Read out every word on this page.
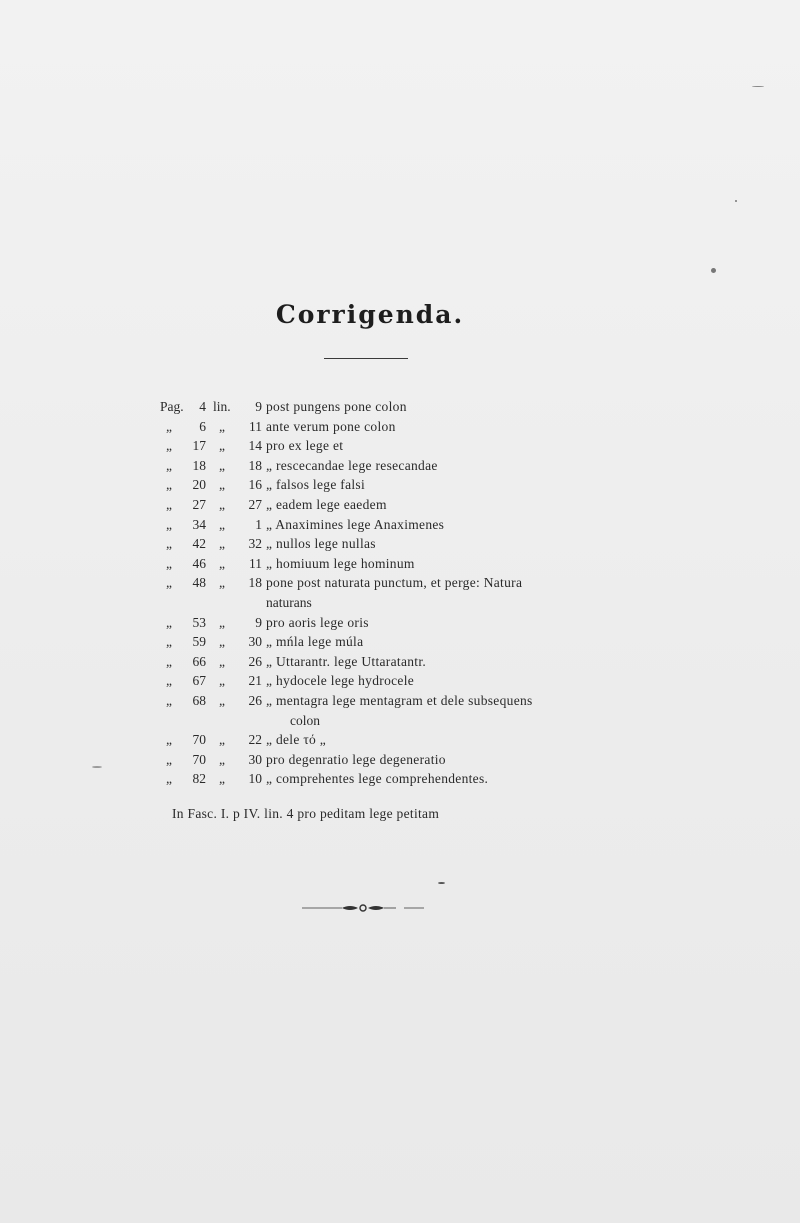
Corrigenda.
Pag.	4 lin.	9 post pungens pone colon
„	6 „	11 ante verum pone colon
„	17 „	14 pro ex lege et
„	18 „	18 „ rescecandae lege resecandae
„	20 „	16 „ falsos lege falsi
„	27 „	27 „ eadem lege eaedem
„	34 „	1 „ Anaximines lege Anaximenes
„	42 „	32 „ nullos lege nullas
„	46 „	11 „ homiuum lege hominum
„	48 „	18 pone post naturata punctum, et perge: Natura
naturans
„	53 „	9 pro aoris lege oris
„	59 „	30 „ mńla lege múla
„	66 „	26 „ Uttarantr. lege Uttaratantr.
„	67 „	21 „ hydocele lege hydrocele
„	68 „	26 „ mentagra lege mentagram et dele subsequens
colon
„	70 „	22 „ dele τό „
„	70 „	30 pro degenratio lege degeneratio
„	82 „	10 „ comprehentes lege comprehendentes.
In Fasc. I. p IV. lin. 4 pro peditam lege petitam
